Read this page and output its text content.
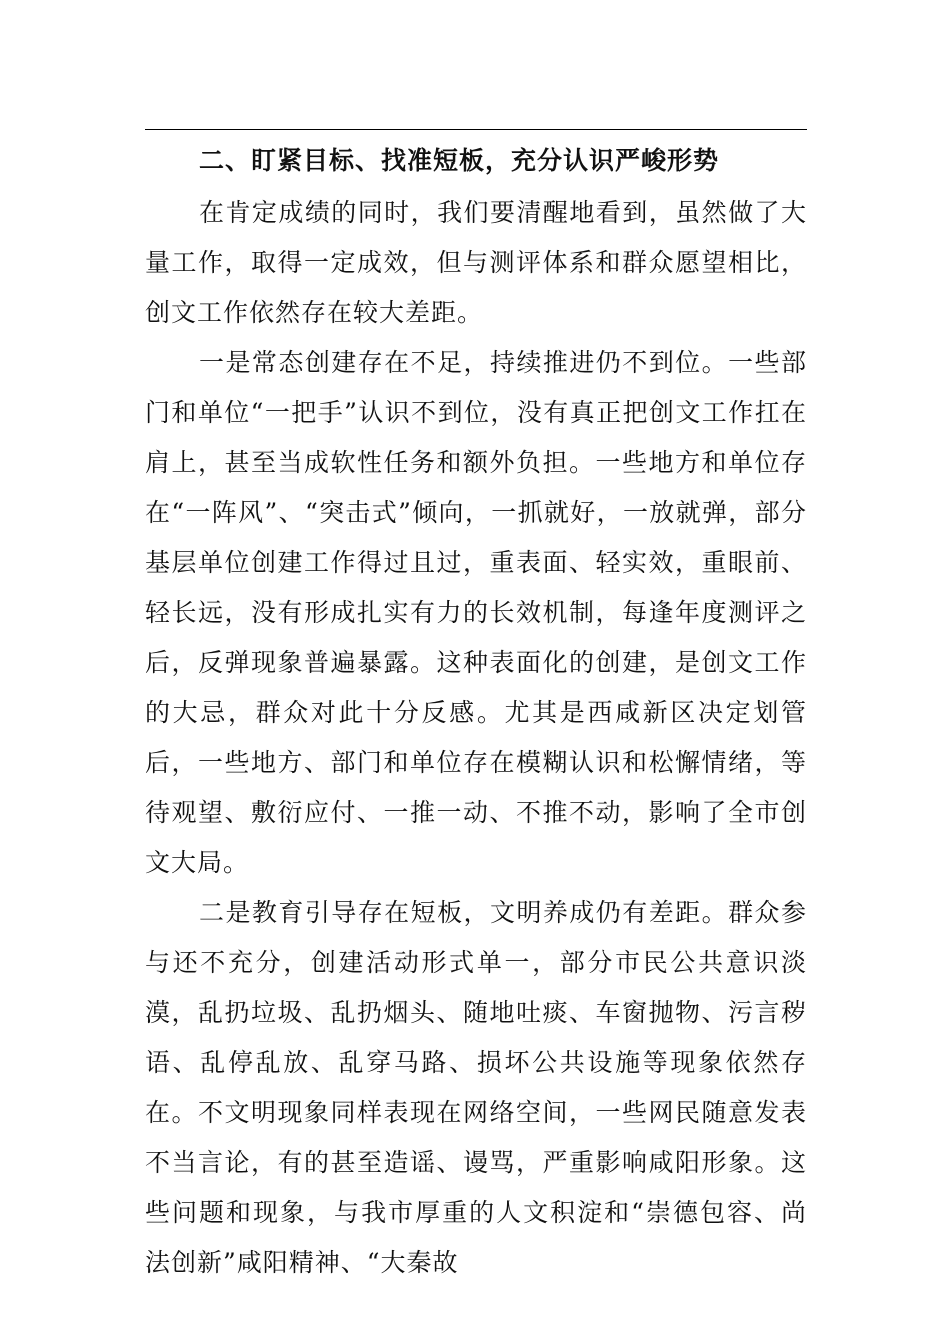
二、盯紧目标、找准短板，充分认识严峻形势

在肯定成绩的同时，我们要清醒地看到，虽然做了大量工作，取得一定成效，但与测评体系和群众愿望相比，创文工作依然存在较大差距。

一是常态创建存在不足，持续推进仍不到位。一些部门和单位“一把手”认识不到位，没有真正把创文工作扛在肩上，甚至当成软性任务和额外负担。一些地方和单位存在“一阵风”、“突击式”倾向，一抓就好，一放就弹，部分基层单位创建工作得过且过，重表面、轻实效，重眼前、轻长远，没有形成扎实有力的长效机制，每逢年度测评之后，反弹现象普遍暴露。这种表面化的创建，是创文工作的大忌，群众对此十分反感。尤其是西咸新区决定划管后，一些地方、部门和单位存在模糊认识和松懈情绪，等待观望、敷衍应付、一推一动、不推不动，影响了全市创文大局。

二是教育引导存在短板，文明养成仍有差距。群众参与还不充分，创建活动形式单一，部分市民公共意识淡漠，乱扔垃圾、乱扔烟头、随地吐痰、车窗抛物、污言秽语、乱停乱放、乱穿马路、损坏公共设施等现象依然存在。不文明现象同样表现在网络空间，一些网民随意发表不当言论，有的甚至造谣、谩骂，严重影响咸阳形象。这些问题和现象，与我市厚重的人文积淀和“崇德包容、尚法创新”咸阳精神、“大秦故
